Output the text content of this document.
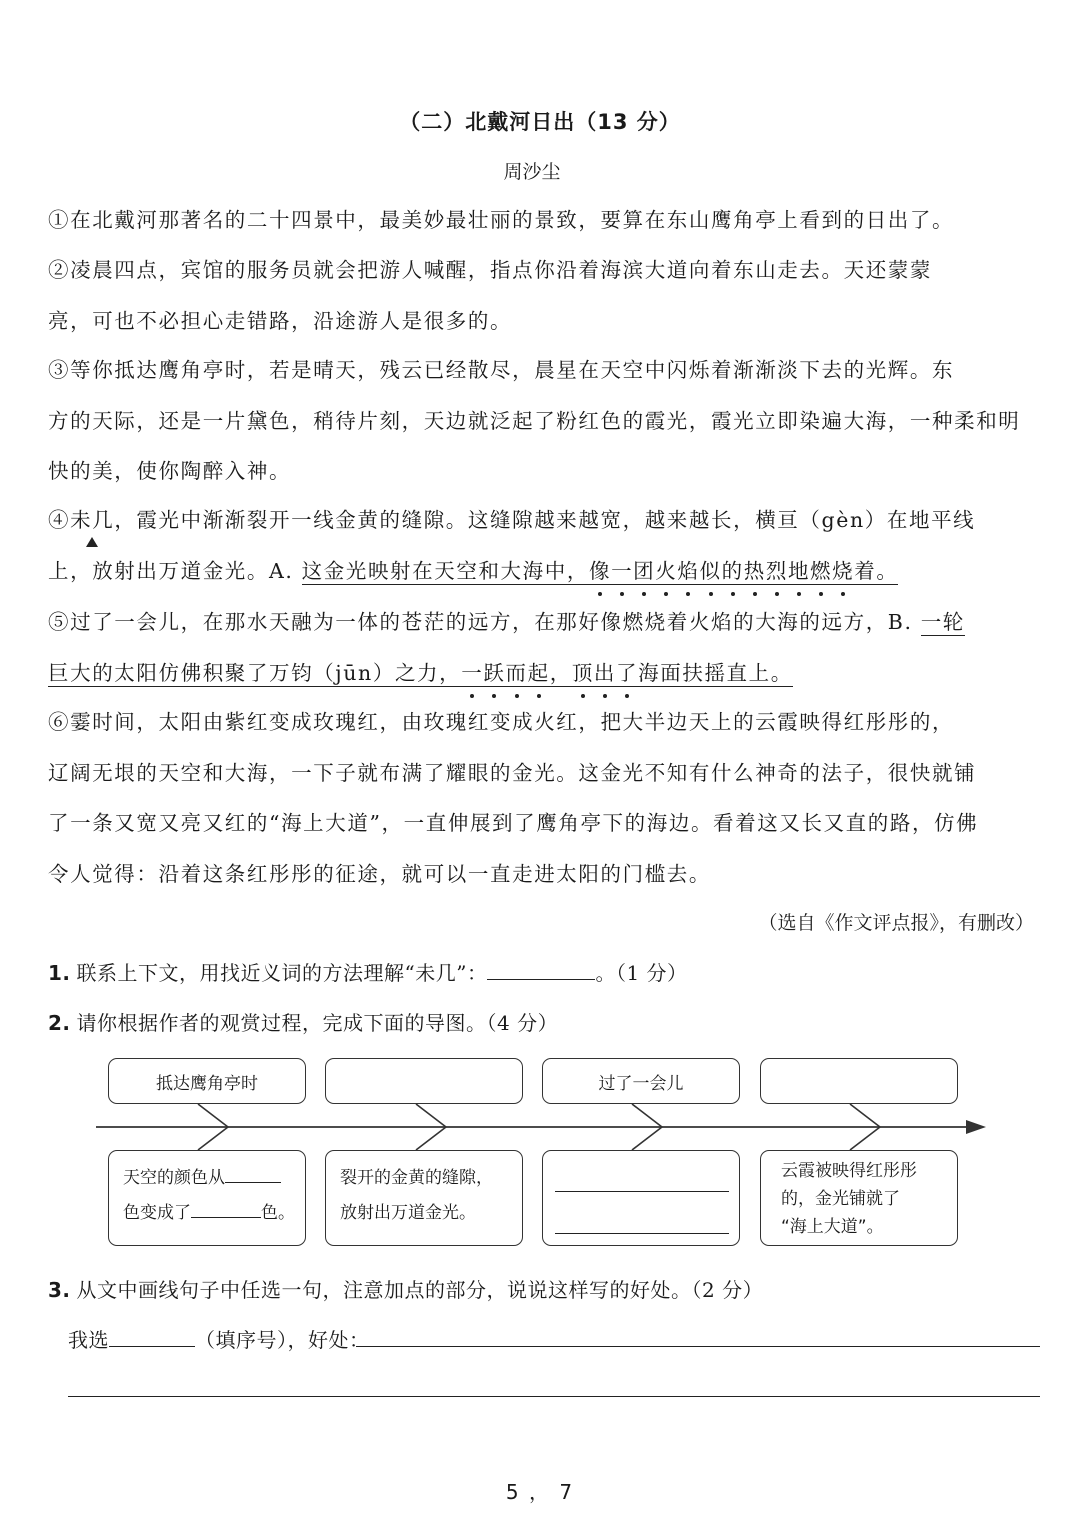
（二）北戴河日出（13 分）
周沙尘
①在北戴河那著名的二十四景中，最美妙最壮丽的景致，要算在东山鹰角亭上看到的日出了。
②凌晨四点，宾馆的服务员就会把游人喊醒，指点你沿着海滨大道向着东山走去。天还蒙蒙
亮，可也不必担心走错路，沿途游人是很多的。
③等你抵达鹰角亭时，若是晴天，残云已经散尽，晨星在天空中闪烁着渐渐淡下去的光辉。东
方的天际，还是一片黛色，稍待片刻，天边就泛起了粉红色的霞光，霞光立即染遍大海，一种柔和明
快的美，使你陶醉入神。
④未几，霞光中渐渐裂开一线金黄的缝隙。这缝隙越来越宽，越来越长，横亘（gèn）在地平线
上，放射出万道金光。A. 这金光映射在天空和大海中，像一团火焰似的热烈地燃烧着。
⑤过了一会儿，在那水天融为一体的苍茫的远方，在那好像燃烧着火焰的大海的远方，B. 一轮
巨大的太阳仿佛积聚了万钧（jūn）之力，一跃而起，顶出了海面扶摇直上。
⑥霎时间，太阳由紫红变成玫瑰红，由玫瑰红变成火红，把大半边天上的云霞映得红彤彤的，
辽阔无垠的天空和大海，一下子就布满了耀眼的金光。这金光不知有什么神奇的法子，很快就铺
了一条又宽又亮又红的“海上大道”，一直伸展到了鹰角亭下的海边。看着这又长又直的路，仿佛
令人觉得：沿着这条红彤彤的征途，就可以一直走进太阳的门槛去。
（选自《作文评点报》，有删改）
1. 联系上下文，用找近义词的方法理解“未几”：	。（1 分）
2. 请你根据作者的观赏过程，完成下面的导图。（4 分）
抵达鹰角亭时	过了一会儿
天空的颜色从
色变成了	色。
裂开的金黄的缝隙，
放射出万道金光。
云霞被映得红彤彤
的，金光铺就了
“海上大道”。
3. 从文中画线句子中任选一句，注意加点的部分，说说这样写的好处。（2 分）
我选	（填序号），好处：
5 ， 7
